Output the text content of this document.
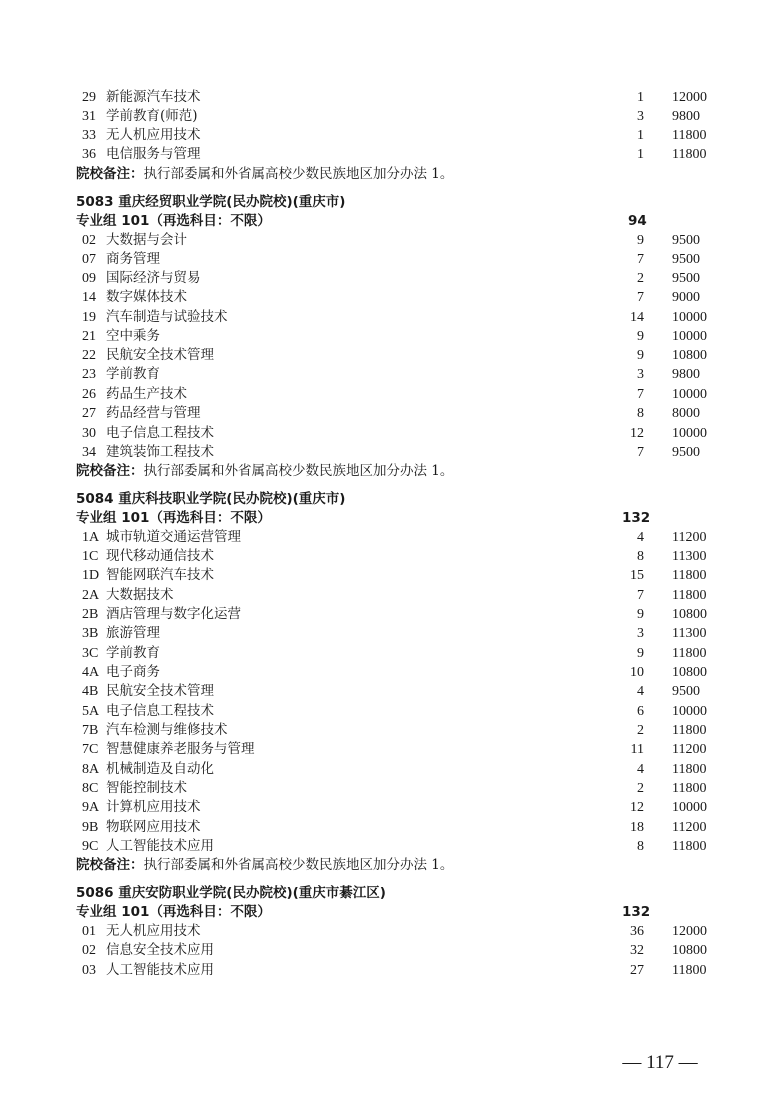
29 新能源汽车技术	1 12000
31 学前教育(师范)	3 9800
33 无人机应用技术	1 11800
36 电信服务与管理	1 11800
院校备注：执行部委属和外省属高校少数民族地区加分办法 1。
5083 重庆经贸职业学院(民办院校)(重庆市)
专业组 101（再选科目：不限）	94
02 大数据与会计	9 9500
07 商务管理	7 9500
09 国际经济与贸易	2 9500
14 数字媒体技术	7 9000
19 汽车制造与试验技术	14 10000
21 空中乘务	9 10000
22 民航安全技术管理	9 10800
23 学前教育	3 9800
26 药品生产技术	7 10000
27 药品经营与管理	8 8000
30 电子信息工程技术	12 10000
34 建筑装饰工程技术	7 9500
院校备注：执行部委属和外省属高校少数民族地区加分办法 1。
5084 重庆科技职业学院(民办院校)(重庆市)
专业组 101（再选科目：不限）	132
1A 城市轨道交通运营管理	4 11200
1C 现代移动通信技术	8 11300
1D 智能网联汽车技术	15 11800
2A 大数据技术	7 11800
2B 酒店管理与数字化运营	9 10800
3B 旅游管理	3 11300
3C 学前教育	9 11800
4A 电子商务	10 10800
4B 民航安全技术管理	4 9500
5A 电子信息工程技术	6 10000
7B 汽车检测与维修技术	2 11800
7C 智慧健康养老服务与管理	11 11200
8A 机械制造及自动化	4 11800
8C 智能控制技术	2 11800
9A 计算机应用技术	12 10000
9B 物联网应用技术	18 11200
9C 人工智能技术应用	8 11800
院校备注：执行部委属和外省属高校少数民族地区加分办法 1。
5086 重庆安防职业学院(民办院校)(重庆市綦江区)
专业组 101（再选科目：不限）	132
01 无人机应用技术	36 12000
02 信息安全技术应用	32 10800
03 人工智能技术应用	27 11800
— 117 —
